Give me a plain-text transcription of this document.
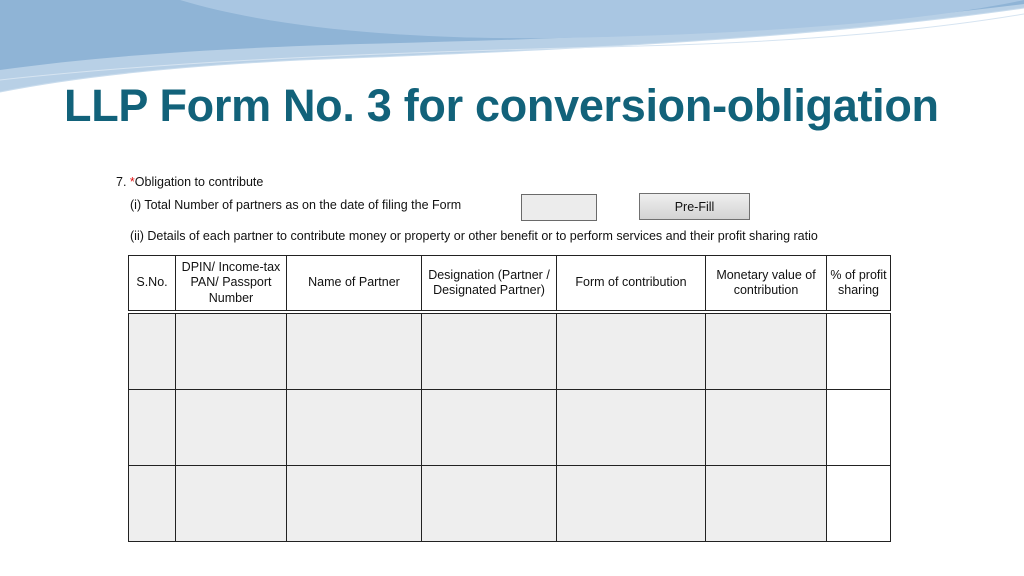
LLP Form No. 3 for conversion-obligation
7. *Obligation to contribute
(i) Total Number of partners as on the date of filing the Form	Pre-Fill
(ii) Details of each partner to contribute money or property or other benefit or to perform services and their profit sharing ratio
S.No.	DPIN/ Income-tax PAN/ Passport Number	Name of Partner	Designation (Partner / Designated Partner)	Form of contribution	Monetary value of contribution	% of profit sharing
